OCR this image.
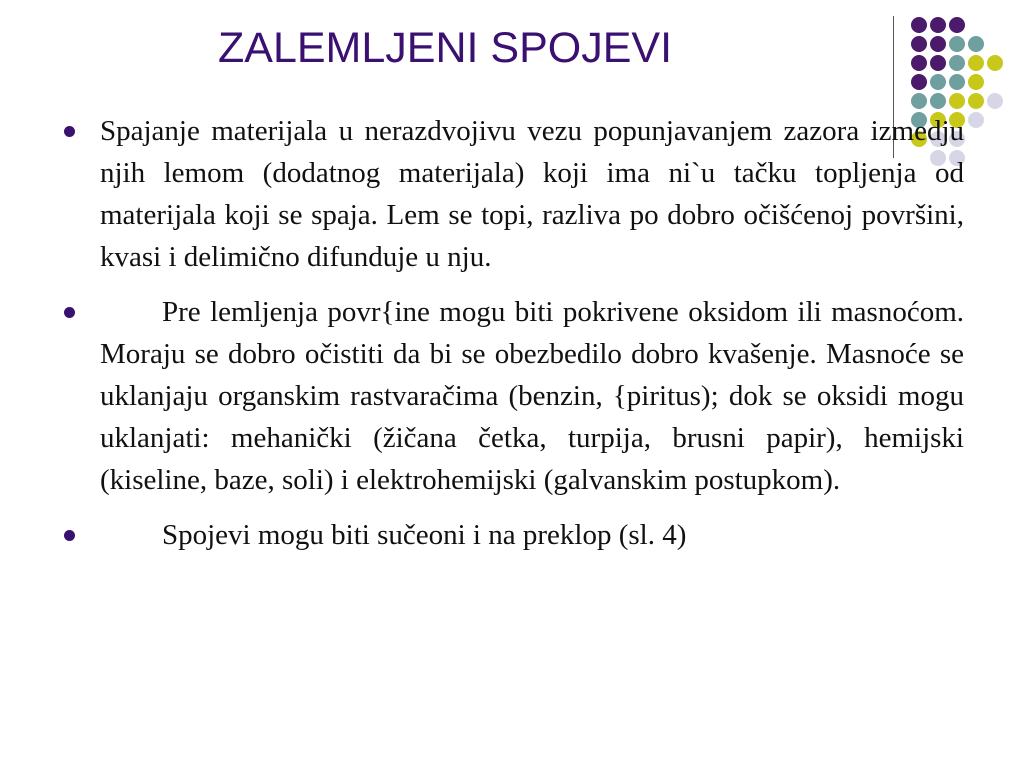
ZALEMLJENI SPOJEVI
Spajanje materijala u nerazdvojivu vezu popunjavanjem zazora izmedju njih lemom (dodatnog materijala) koji ima ni`u tačku topljenja od materijala koji se spaja. Lem se topi, razliva po dobro očišćenoj površini, kvasi i delimično difunduje u nju.
Pre lemljenja povr{ine mogu biti pokrivene oksidom ili masnoćom. Moraju se dobro očistiti da bi se obezbedilo dobro kvašenje. Masnoće se uklanjaju organskim rastvaračima (benzin, {piritus); dok se oksidi mogu uklanjati: mehanički (žičana četka, turpija, brusni papir), hemijski (kiseline, baze, soli) i elektrohemijski (galvanskim postupkom).
Spojevi mogu biti sučeoni i na preklop (sl. 4)
